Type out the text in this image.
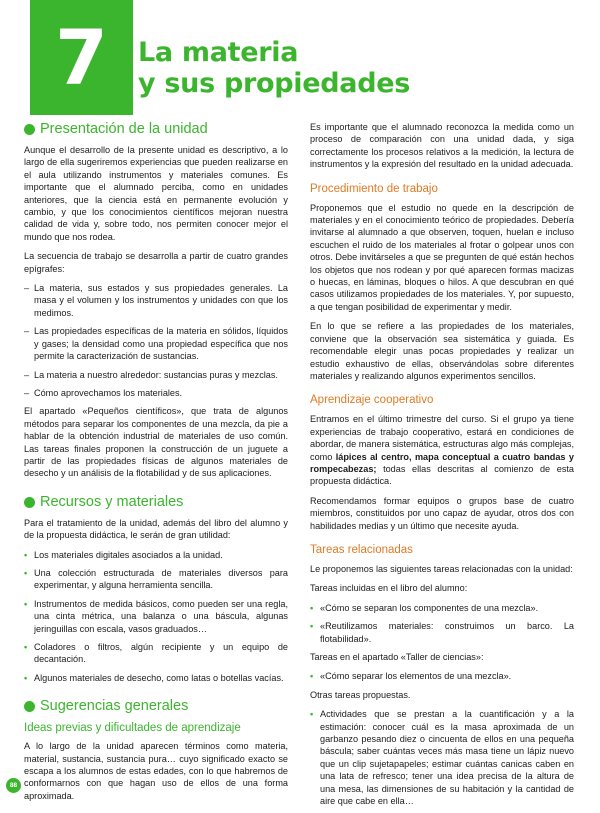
7 La materia
y sus propiedades
Presentación de la unidad

Aunque el desarrollo de la presente unidad es descriptivo, a lo largo de ella sugeriremos experiencias que pueden realizarse en el aula utilizando instrumentos y materiales comunes. Es importante que el alumnado perciba, como en unidades anteriores, que la ciencia está en permanente evolución y cambio, y que los conocimientos científicos mejoran nuestra calidad de vida y, sobre todo, nos permiten conocer mejor el mundo que nos rodea.

La secuencia de trabajo se desarrolla a partir de cuatro grandes epígrafes:

– La materia, sus estados y sus propiedades generales. La masa y el volumen y los instrumentos y unidades con que los medimos.
– Las propiedades específicas de la materia en sólidos, líquidos y gases; la densidad como una propiedad específica que nos permite la caracterización de sustancias.
– La materia a nuestro alrededor: sustancias puras y mezclas.
– Cómo aprovechamos los materiales.

El apartado «Pequeños científicos», que trata de algunos métodos para separar los componentes de una mezcla, da pie a hablar de la obtención industrial de materiales de uso común. Las tareas finales proponen la construcción de un juguete a partir de las propiedades físicas de algunos materiales de desecho y un análisis de la flotabilidad y de sus aplicaciones.

Recursos y materiales

Para el tratamiento de la unidad, además del libro del alumno y de la propuesta didáctica, le serán de gran utilidad:

• Los materiales digitales asociados a la unidad.
• Una colección estructurada de materiales diversos para experimentar, y alguna herramienta sencilla.
• Instrumentos de medida básicos, como pueden ser una regla, una cinta métrica, una balanza o una báscula, algunas jeringuillas con escala, vasos graduados…
• Coladores o filtros, algún recipiente y un equipo de decantación.
• Algunos materiales de desecho, como latas o botellas vacías.
Sugerencias generales
Ideas previas y dificultades de aprendizaje

A lo largo de la unidad aparecen términos como materia, material, sustancia, sustancia pura… cuyo significado exacto se escapa a los alumnos de estas edades, con lo que habremos de conformarnos con que hagan uso de ellos de una forma aproximada.

Es importante que el alumnado reconozca la medida como un proceso de comparación con una unidad dada, y siga correctamente los procesos relativos a la medición, la lectura de instrumentos y la expresión del resultado en la unidad adecuada.

Procedimiento de trabajo

Proponemos que el estudio no quede en la descripción de materiales y en el conocimiento teórico de propiedades. Debería invitarse al alumnado a que observen, toquen, huelan e incluso escuchen el ruido de los materiales al frotar o golpear unos con otros. Debe invitárseles a que se pregunten de qué están hechos los objetos que nos rodean y por qué aparecen formas macizas o huecas, en láminas, bloques o hilos. A que descubran en qué casos utilizamos propiedades de los materiales. Y, por supuesto, a que tengan posibilidad de experimentar y medir.

En lo que se refiere a las propiedades de los materiales, conviene que la observación sea sistemática y guiada. Es recomendable elegir unas pocas propiedades y realizar un estudio exhaustivo de ellas, observándolas sobre diferentes materiales y realizando algunos experimentos sencillos.

Aprendizaje cooperativo

Entramos en el último trimestre del curso. Si el grupo ya tiene experiencias de trabajo cooperativo, estará en condiciones de abordar, de manera sistemática, estructuras algo más complejas, como lápices al centro, mapa conceptual a cuatro bandas y rompecabezas; todas ellas descritas al comienzo de esta propuesta didáctica.

Recomendamos formar equipos o grupos base de cuatro miembros, constituidos por uno capaz de ayudar, otros dos con habilidades medias y un último que necesite ayuda.

Tareas relacionadas

Le proponemos las siguientes tareas relacionadas con la unidad:

Tareas incluidas en el libro del alumno:

• «Cómo se separan los componentes de una mezcla».
• «Reutilizamos materiales: construimos un barco. La flotabilidad».

Tareas en el apartado «Taller de ciencias»:

• «Cómo separar los elementos de una mezcla».

Otras tareas propuestas.

• Actividades que se prestan a la cuantificación y a la estimación: conocer cuál es la masa aproximada de un garbanzo pesando diez o cincuenta de ellos en una pequeña báscula; saber cuántas veces más masa tiene un lápiz nuevo que un clip sujetapapeles; estimar cuántas canicas caben en una lata de refresco; tener una idea precisa de la altura de una mesa, las dimensiones de su habitación y la cantidad de aire que cabe en ella…
88
